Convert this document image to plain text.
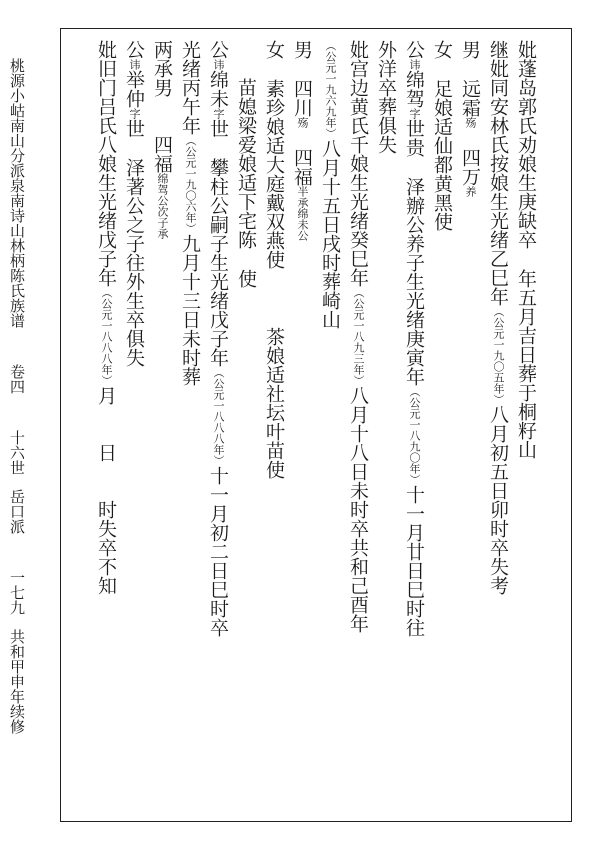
桃源小岵南山分派泉南诗山林柄陈氏族谱卷四十六世岳口派一七九共和甲申年续修
妣蓬岛郭氏劝娘生庚缺卒年五月吉日葬于桐籽山
继妣同安林氏按娘生光绪乙巳年（公元一九〇五年）八月初五日卯时卒失考
男远霜殇四万养
女足娘适仙都黄黑使
公讳绵驾字世贵泽辦公养子生光绪庚寅年（公元一八九〇年）十一月廿日巳时往
外洋卒葬俱失
妣宫边黄氏千娘生光绪癸巳年（公元一八九三年）八月十八日未时卒共和己酉年
（公元一九六九年）八月十五日戌时葬崎山
男四川殇四福半承绵未公
女素珍娘适大庭戴双燕使茶娘适社坛叶苗使
苗媳梁爱娘适下宅陈使
公讳绵未字世攀柱公嗣子生光绪戊子年（公元一八八八年）十一月初二日巳时卒
光绪丙午年（公元一九〇六年）九月十三日未时葬
两承男四福绵驾公次子承
公讳举仲字世泽著公之子往外生卒俱失
妣旧门吕氏八娘生光绪戊子年（公元一八八八年）月日时失卒不知
